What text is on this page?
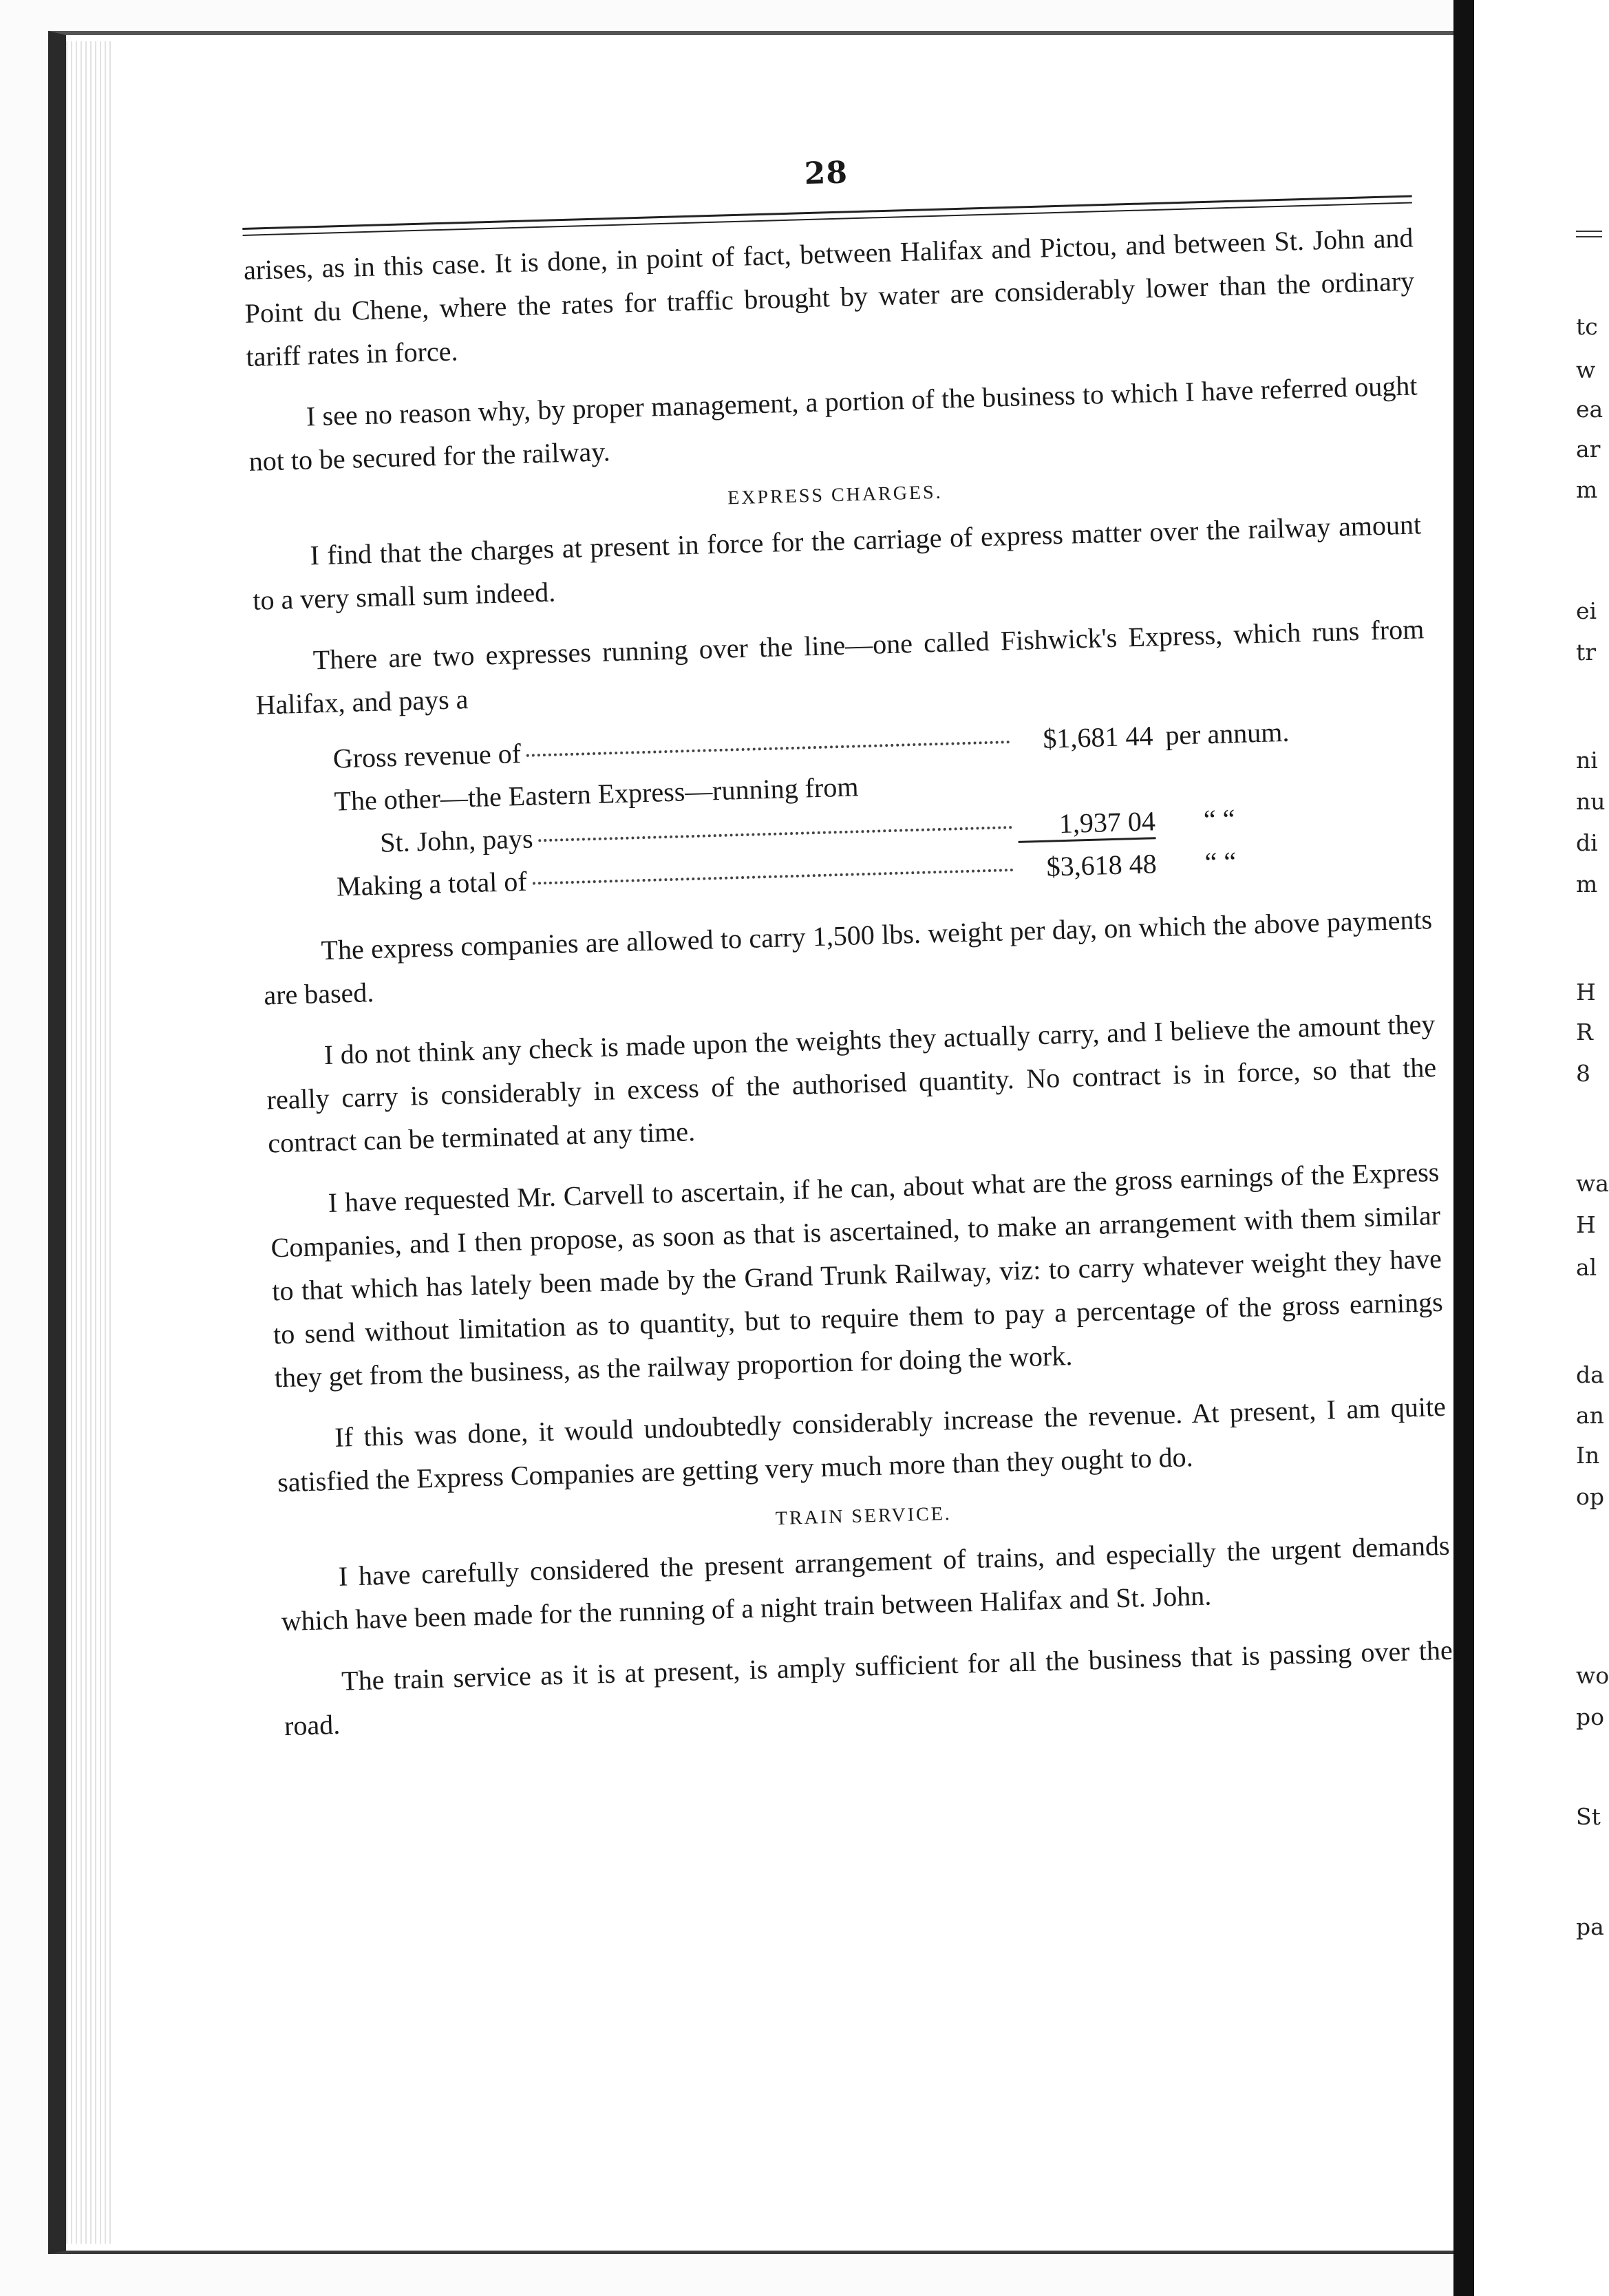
tc
w
ea
ar
m
ei
tr
ni
nu
di
m
H
R
8
wa
H
al
da
an
In
op
wo
po
St
pa
28

arises, as in this case. It is done, in point of fact, between Halifax and Pictou, and between St. John and Point du Chene, where the rates for traffic brought by water are considerably lower than the ordinary tariff rates in force.

I see no reason why, by proper management, a portion of the business to which I have referred ought not to be secured for the railway.

EXPRESS CHARGES.

I find that the charges at present in force for the carriage of express matter over the railway amount to a very small sum indeed.

There are two expresses running over the line—one called Fishwick's Express, which runs from Halifax, and pays a

Gross revenue of
$1,681 44 per annum.
The other—the Eastern Express—running from
St. John, pays
1,937 04	“ “
Making a total of
$3,618 48	“ “

The express companies are allowed to carry 1,500 lbs. weight per day, on which the above payments are based.

I do not think any check is made upon the weights they actually carry, and I believe the amount they really carry is considerably in excess of the authorised quantity. No contract is in force, so that the contract can be terminated at any time.

I have requested Mr. Carvell to ascertain, if he can, about what are the gross earnings of the Express Companies, and I then propose, as soon as that is ascertained, to make an arrangement with them similar to that which has lately been made by the Grand Trunk Railway, viz: to carry whatever weight they have to send without limitation as to quantity, but to require them to pay a percentage of the gross earnings they get from the business, as the railway proportion for doing the work.

If this was done, it would undoubtedly considerably increase the revenue. At present, I am quite satisfied the Express Companies are getting very much more than they ought to do.

TRAIN SERVICE.

I have carefully considered the present arrangement of trains, and especially the urgent demands which have been made for the running of a night train between Halifax and St. John.

The train service as it is at present, is amply sufficient for all the business that is passing over the road.
